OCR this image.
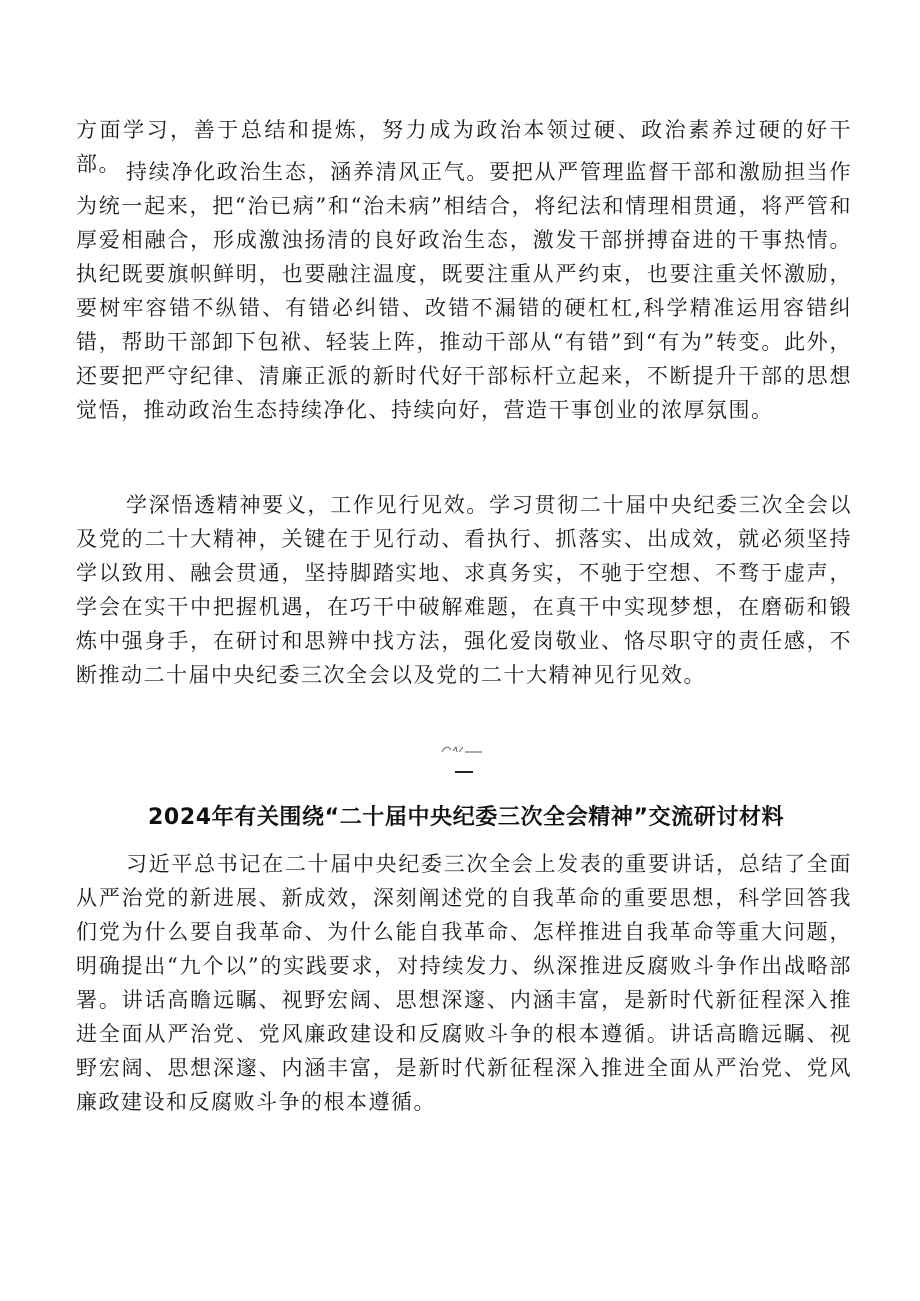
方面学习，善于总结和提炼，努力成为政治本领过硬、政治素养过硬的好干部。 持续净化政治生态，涵养清风正气。要把从严管理监督干部和激励担当作为统一起来，把“治已病”和“治未病”相结合，将纪法和情理相贯通，将严管和厚爱相融合，形成激浊扬清的良好政治生态，激发干部拼搏奋进的干事热情。执纪既要旗帜鲜明，也要融注温度，既要注重从严约束，也要注重关怀激励，要树牢容错不纵错、有错必纠错、改错不漏错的硬杠杠,科学精准运用容错纠错，帮助干部卸下包袱、轻装上阵，推动干部从“有错”到“有为”转变。此外，还要把严守纪律、清廉正派的新时代好干部标杆立起来，不断提升干部的思想觉悟，推动政治生态持续净化、持续向好，营造干事创业的浓厚氛围。

学深悟透精神要义，工作见行见效。学习贯彻二十届中央纪委三次全会以及党的二十大精神，关键在于见行动、看执行、抓落实、出成效，就必须坚持学以致用、融会贯通，坚持脚踏实地、求真务实，不驰于空想、不骛于虚声，学会在实干中把握机遇，在巧干中破解难题，在真干中实现梦想，在磨砺和锻炼中强身手，在研讨和思辨中找方法，强化爱岗敬业、恪尽职守的责任感，不断推动二十届中央纪委三次全会以及党的二十大精神见行见效。

2024年有关围绕“二十届中央纪委三次全会精神”交流研讨材料

习近平总书记在二十届中央纪委三次全会上发表的重要讲话，总结了全面从严治党的新进展、新成效，深刻阐述党的自我革命的重要思想，科学回答我们党为什么要自我革命、为什么能自我革命、怎样推进自我革命等重大问题，明确提出“九个以”的实践要求，对持续发力、纵深推进反腐败斗争作出战略部署。讲话高瞻远瞩、视野宏阔、思想深邃、内涵丰富，是新时代新征程深入推进全面从严治党、党风廉政建设和反腐败斗争的根本遵循。讲话高瞻远瞩、视野宏阔、思想深邃、内涵丰富，是新时代新征程深入推进全面从严治党、党风廉政建设和反腐败斗争的根本遵循。
